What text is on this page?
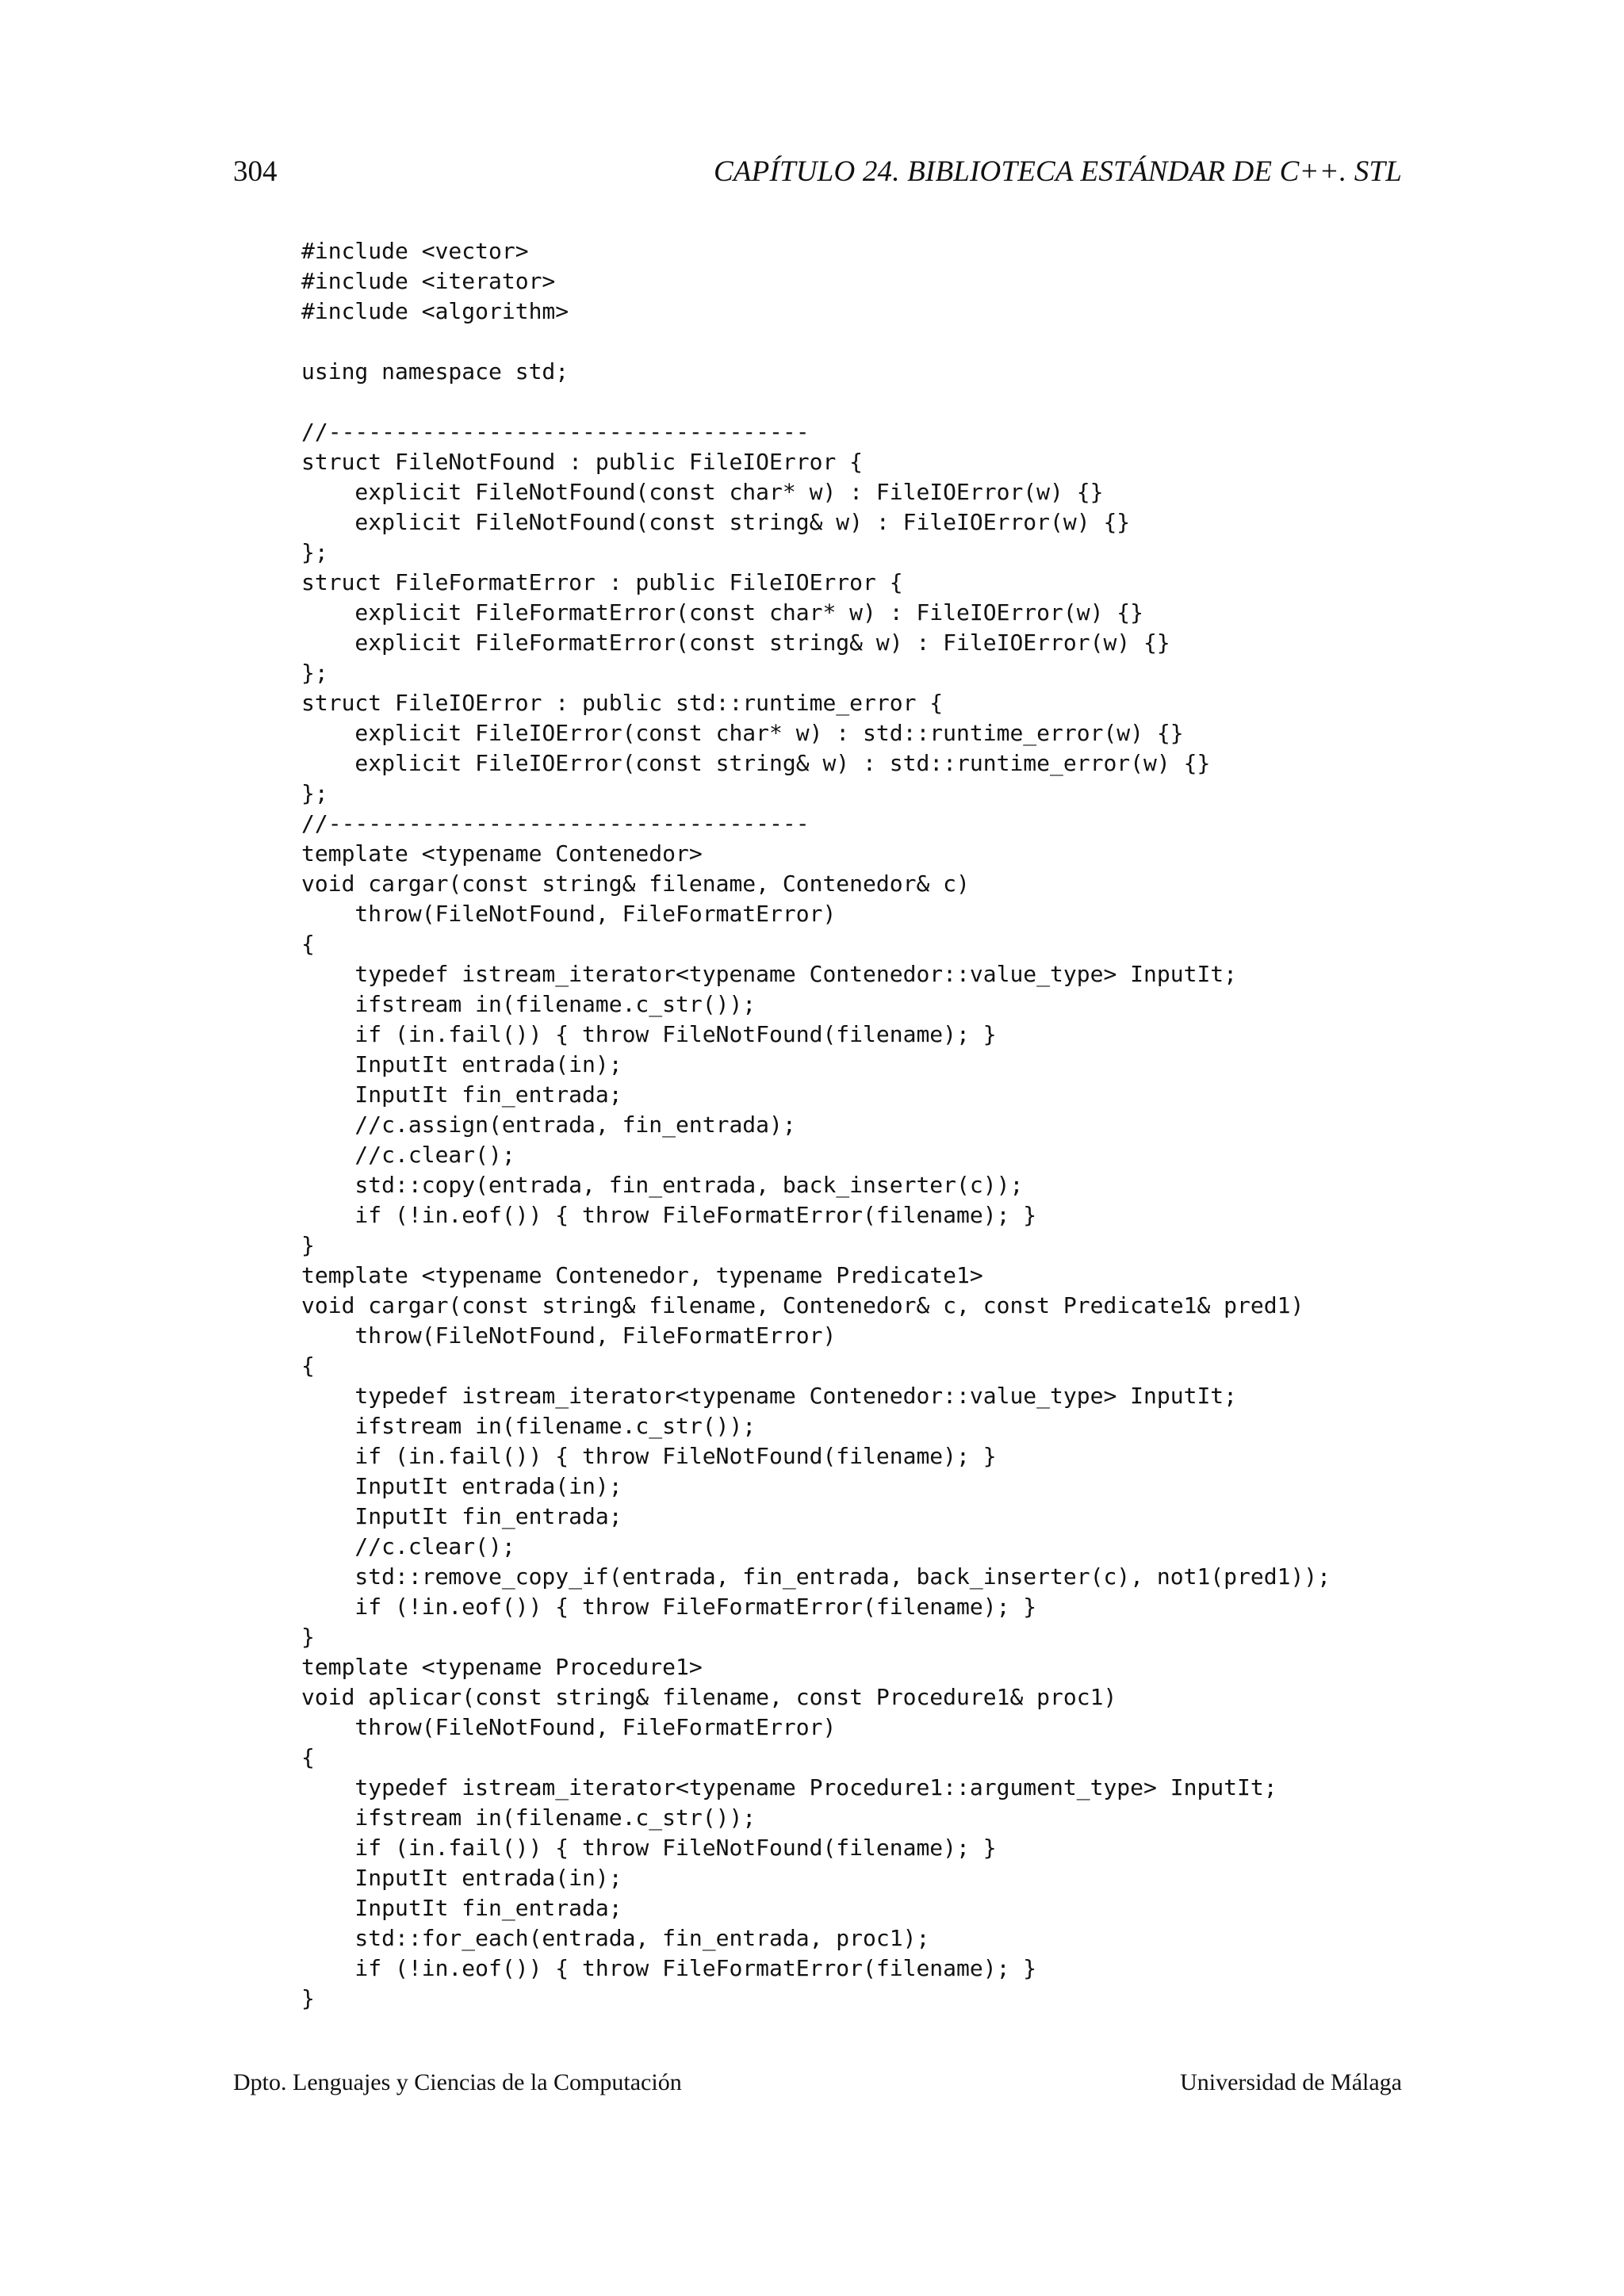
304	CAPÍTULO 24. BIBLIOTECA ESTÁNDAR DE C++. STL
#include <vector>
#include <iterator>
#include <algorithm>

using namespace std;

//------------------------------------
struct FileNotFound : public FileIOError {
explicit FileNotFound(const char* w) : FileIOError(w) {}
explicit FileNotFound(const string& w) : FileIOError(w) {}
};
struct FileFormatError : public FileIOError {
explicit FileFormatError(const char* w) : FileIOError(w) {}
explicit FileFormatError(const string& w) : FileIOError(w) {}
};
struct FileIOError : public std::runtime_error {
explicit FileIOError(const char* w) : std::runtime_error(w) {}
explicit FileIOError(const string& w) : std::runtime_error(w) {}
};
//------------------------------------
template <typename Contenedor>
void cargar(const string& filename, Contenedor& c)
throw(FileNotFound, FileFormatError)
{
typedef istream_iterator<typename Contenedor::value_type> InputIt;
ifstream in(filename.c_str());
if (in.fail()) { throw FileNotFound(filename); }
InputIt entrada(in);
InputIt fin_entrada;
//c.assign(entrada, fin_entrada);
//c.clear();
std::copy(entrada, fin_entrada, back_inserter(c));
if (!in.eof()) { throw FileFormatError(filename); }
}
template <typename Contenedor, typename Predicate1>
void cargar(const string& filename, Contenedor& c, const Predicate1& pred1)
throw(FileNotFound, FileFormatError)
{
typedef istream_iterator<typename Contenedor::value_type> InputIt;
ifstream in(filename.c_str());
if (in.fail()) { throw FileNotFound(filename); }
InputIt entrada(in);
InputIt fin_entrada;
//c.clear();
std::remove_copy_if(entrada, fin_entrada, back_inserter(c), not1(pred1));
if (!in.eof()) { throw FileFormatError(filename); }
}
template <typename Procedure1>
void aplicar(const string& filename, const Procedure1& proc1)
throw(FileNotFound, FileFormatError)
{
typedef istream_iterator<typename Procedure1::argument_type> InputIt;
ifstream in(filename.c_str());
if (in.fail()) { throw FileNotFound(filename); }
InputIt entrada(in);
InputIt fin_entrada;
std::for_each(entrada, fin_entrada, proc1);
if (!in.eof()) { throw FileFormatError(filename); }
}
Dpto. Lenguajes y Ciencias de la Computación	Universidad de Málaga
